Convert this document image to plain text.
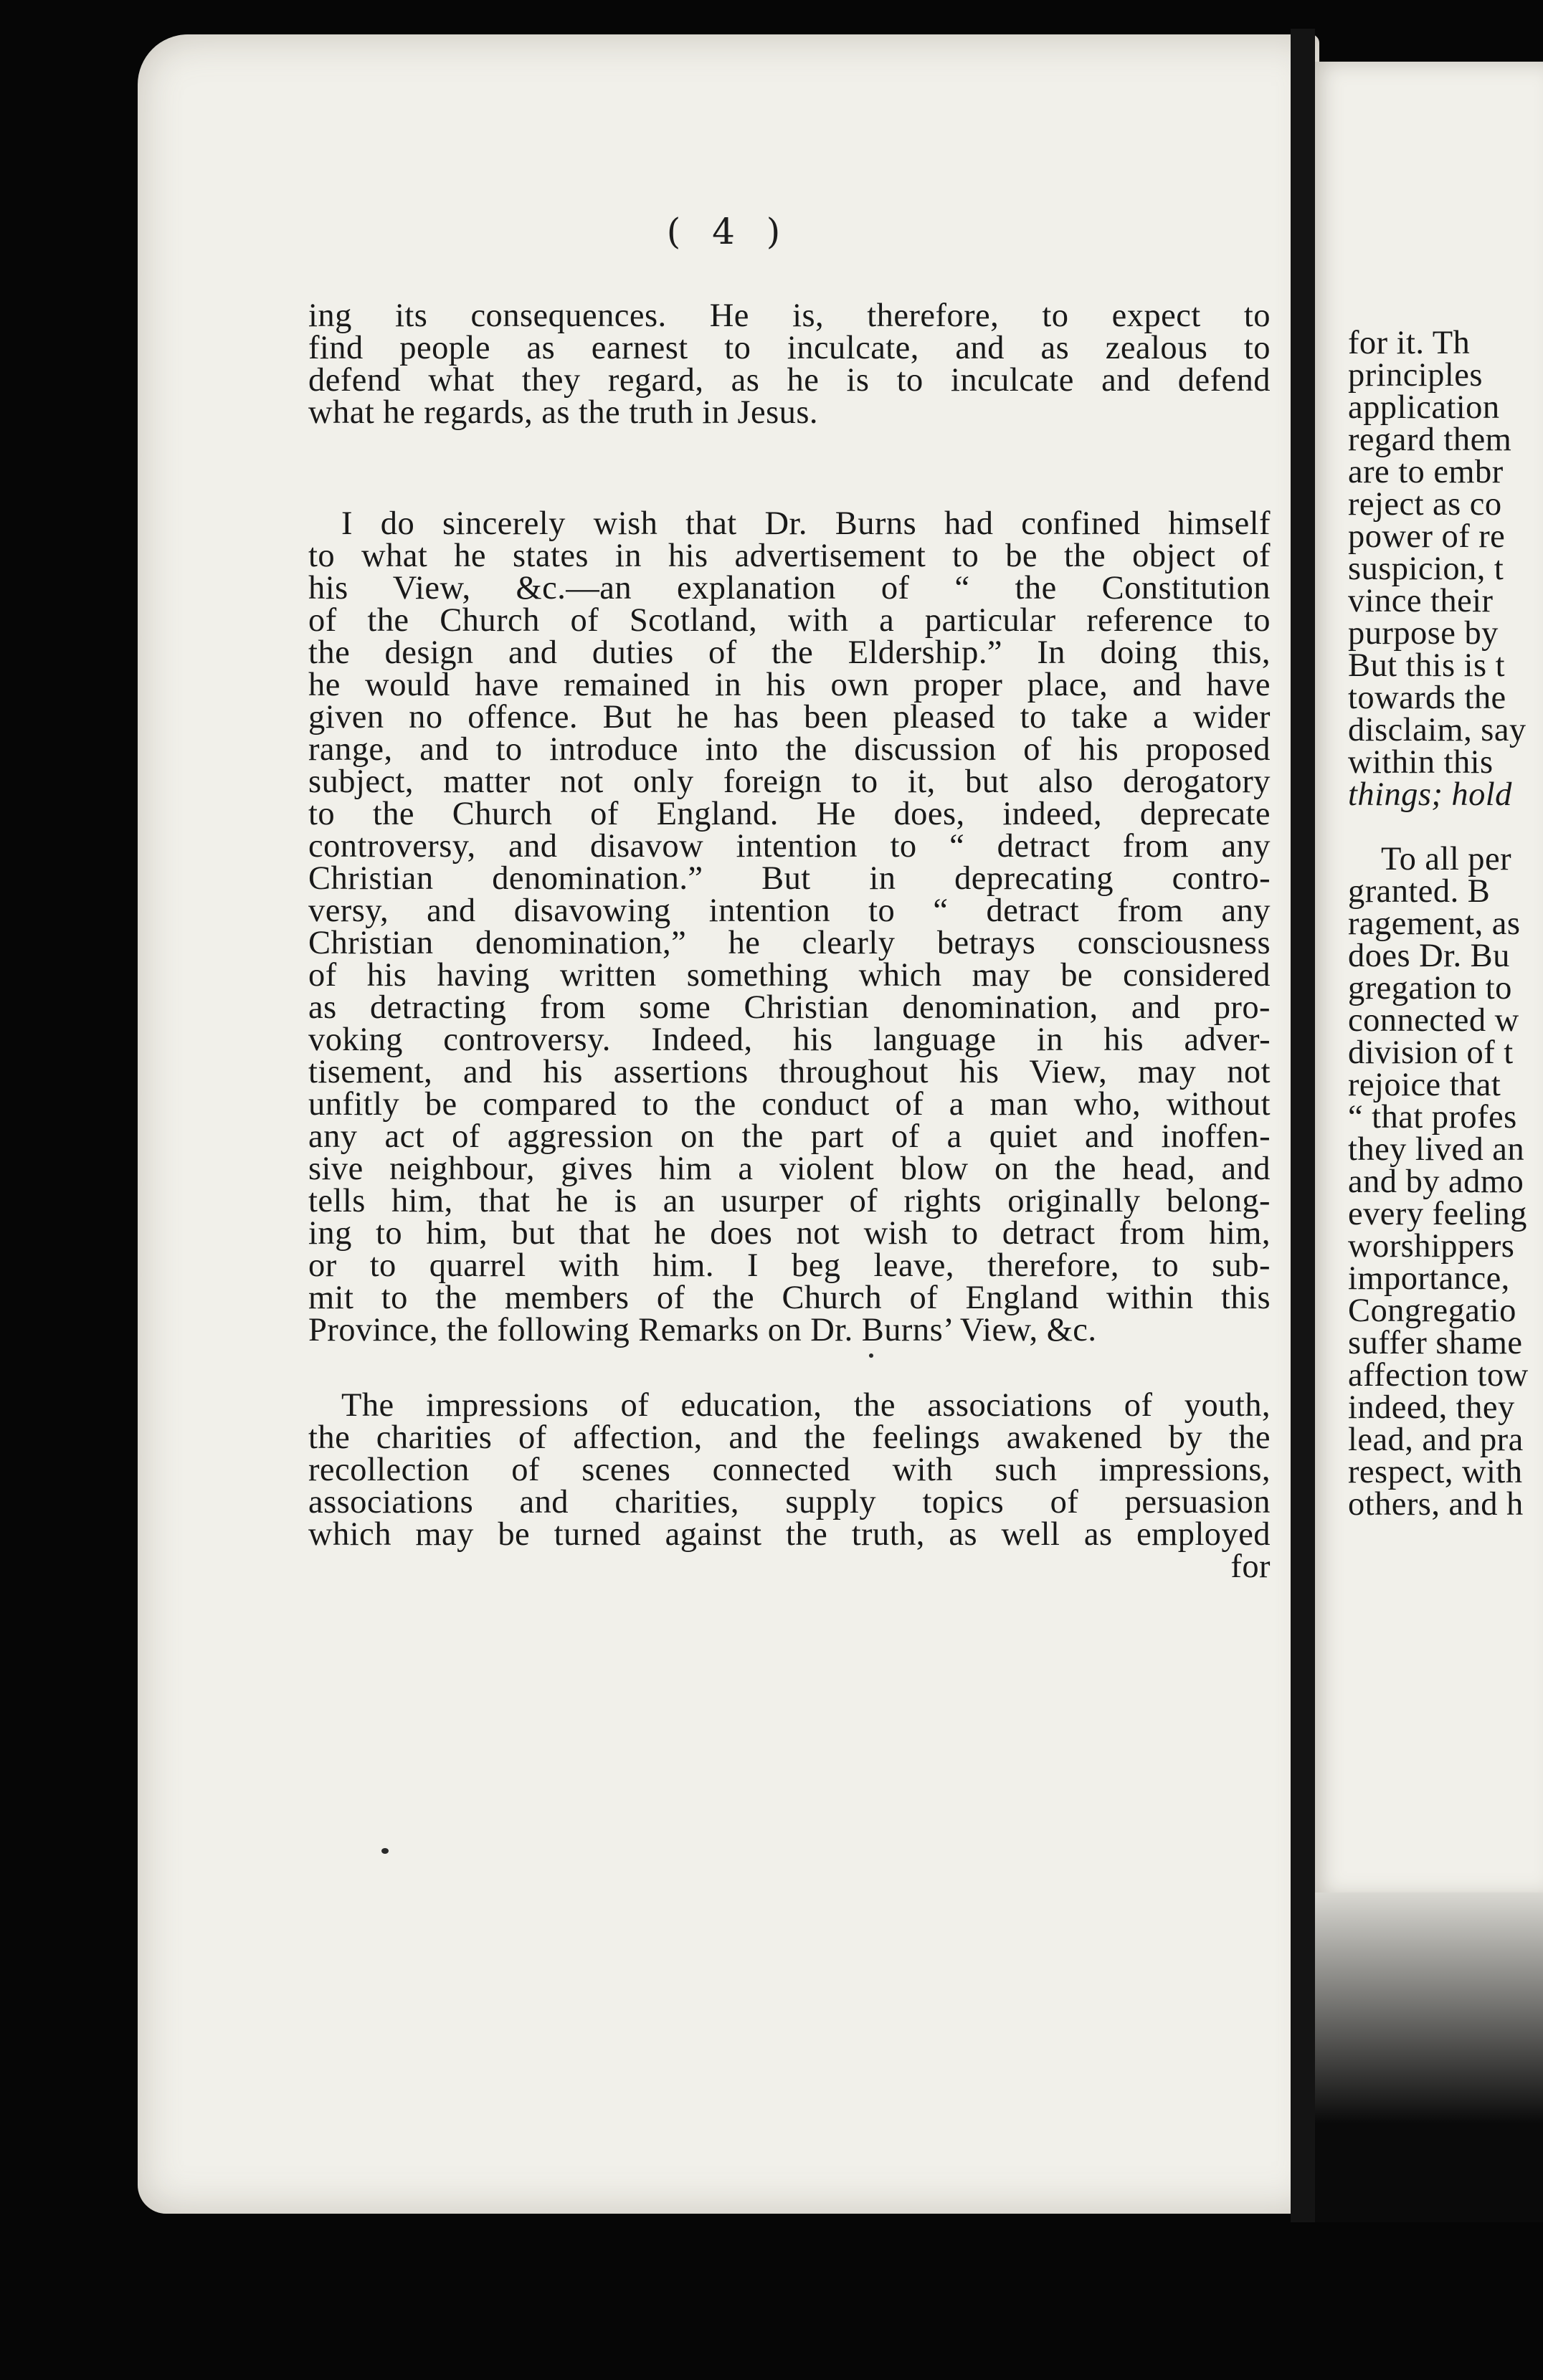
( 4 )
ing its consequences. He is, therefore, to expect to
find people as earnest to inculcate, and as zealous to
defend what they regard, as he is to inculcate and defend
what he regards, as the truth in Jesus.
I do sincerely wish that Dr. Burns had confined himself
to what he states in his advertisement to be the object of
his View, &c.—an explanation of “ the Constitution
of the Church of Scotland, with a particular reference to
the design and duties of the Eldership.” In doing this,
he would have remained in his own proper place, and have
given no offence. But he has been pleased to take a wider
range, and to introduce into the discussion of his proposed
subject, matter not only foreign to it, but also derogatory
to the Church of England. He does, indeed, deprecate
controversy, and disavow intention to “ detract from any
Christian denomination.” But in deprecating contro-
versy, and disavowing intention to “ detract from any
Christian denomination,” he clearly betrays consciousness
of his having written something which may be considered
as detracting from some Christian denomination, and pro-
voking controversy. Indeed, his language in his adver-
tisement, and his assertions throughout his View, may not
unfitly be compared to the conduct of a man who, without
any act of aggression on the part of a quiet and inoffen-
sive neighbour, gives him a violent blow on the head, and
tells him, that he is an usurper of rights originally belong-
ing to him, but that he does not wish to detract from him,
or to quarrel with him. I beg leave, therefore, to sub-
mit to the members of the Church of England within this
Province, the following Remarks on Dr. Burns’ View, &c.
The impressions of education, the associations of youth,
the charities of affection, and the feelings awakened by the
recollection of scenes connected with such impressions,
associations and charities, supply topics of persuasion
which may be turned against the truth, as well as employed
for
for it. Th
principles
application
regard them
are to embr
reject as co
power of re
suspicion, t
vince their
purpose by
But this is t
towards the
disclaim, say
within this
things; hold
To all per
granted. B
ragement, as
does Dr. Bu
gregation to
connected w
division of t
rejoice that
“ that profes
they lived an
and by admo
every feeling
worshippers
importance,
Congregatio
suffer shame
affection tow
indeed, they
lead, and pra
respect, with
others, and h
